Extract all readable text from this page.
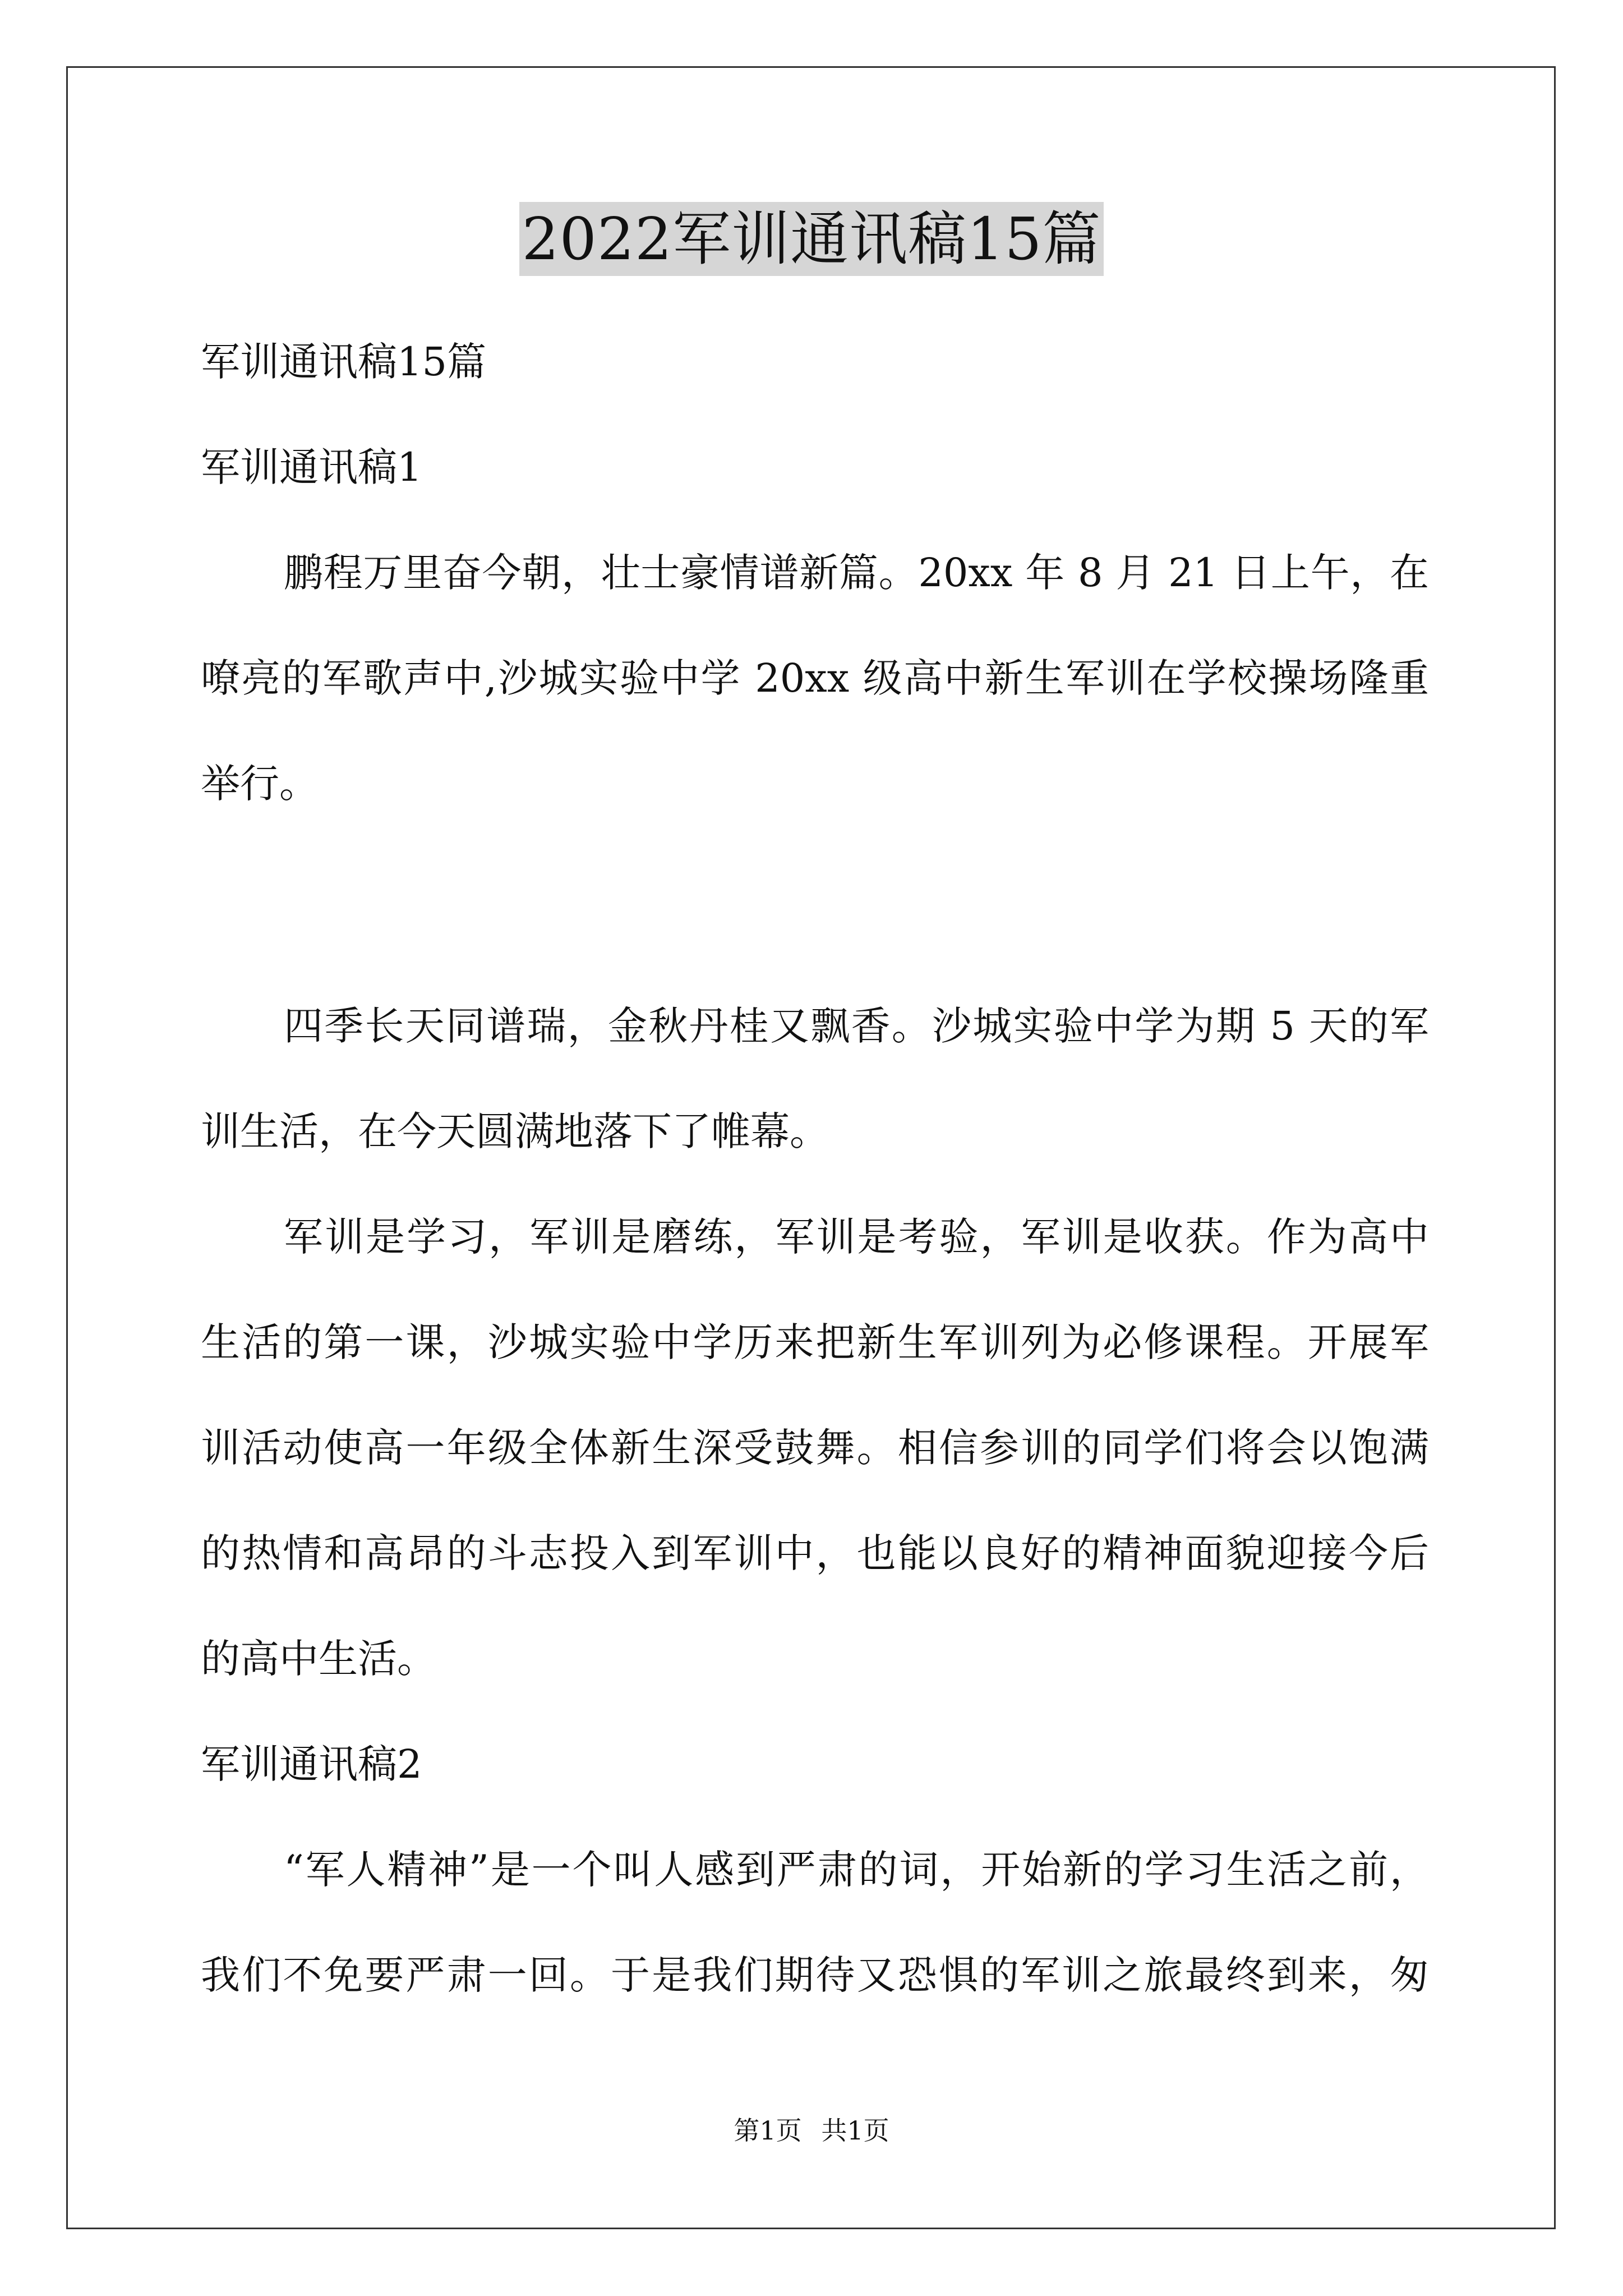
2022军训通讯稿15篇
军训通讯稿15篇
军训通讯稿1
鹏程万里奋今朝，壮士豪情谱新篇。20xx 年 8 月 21 日上午，在
嘹亮的军歌声中,沙城实验中学 20xx 级高中新生军训在学校操场隆重
举行。
四季长天同谱瑞，金秋丹桂又飘香。沙城实验中学为期 5 天的军
训生活，在今天圆满地落下了帷幕。
军训是学习，军训是磨练，军训是考验，军训是收获。作为高中
生活的第一课，沙城实验中学历来把新生军训列为必修课程。开展军
训活动使高一年级全体新生深受鼓舞。相信参训的同学们将会以饱满
的热情和高昂的斗志投入到军训中，也能以良好的精神面貌迎接今后
的高中生活。
军训通讯稿2
“军人精神”是一个叫人感到严肃的词，开始新的学习生活之前，
我们不免要严肃一回。于是我们期待又恐惧的军训之旅最终到来，匆
第1页 共1页
